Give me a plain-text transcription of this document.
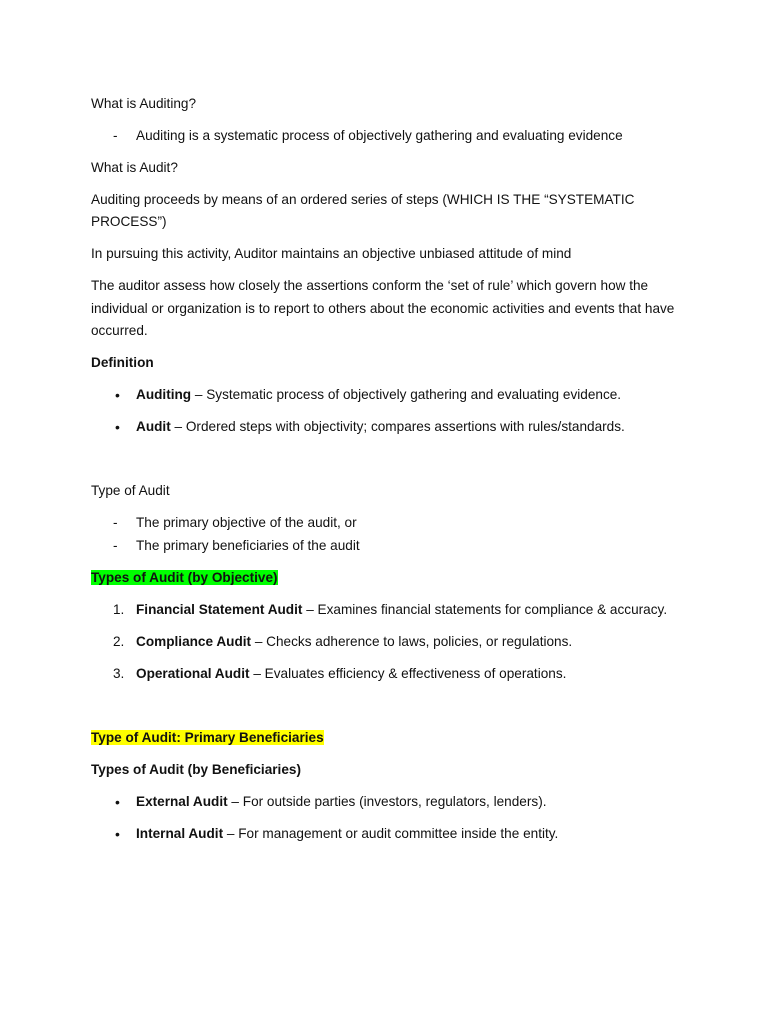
What is Auditing?

- Auditing is a systematic process of objectively gathering and evaluating evidence

What is Audit?

Auditing proceeds by means of an ordered series of steps (WHICH IS THE “SYSTEMATIC PROCESS”)

In pursuing this activity, Auditor maintains an objective unbiased attitude of mind

The auditor assess how closely the assertions conform the ‘set of rule’ which govern how the individual or organization is to report to others about the economic activities and events that have occurred.

Definition

• Auditing – Systematic process of objectively gathering and evaluating evidence.
• Audit – Ordered steps with objectivity; compares assertions with rules/standards.

Type of Audit

- The primary objective of the audit, or
- The primary beneficiaries of the audit

Types of Audit (by Objective)

1. Financial Statement Audit – Examines financial statements for compliance & accuracy.
2. Compliance Audit – Checks adherence to laws, policies, or regulations.
3. Operational Audit – Evaluates efficiency & effectiveness of operations.

Type of Audit: Primary Beneficiaries

Types of Audit (by Beneficiaries)

• External Audit – For outside parties (investors, regulators, lenders).
• Internal Audit – For management or audit committee inside the entity.
